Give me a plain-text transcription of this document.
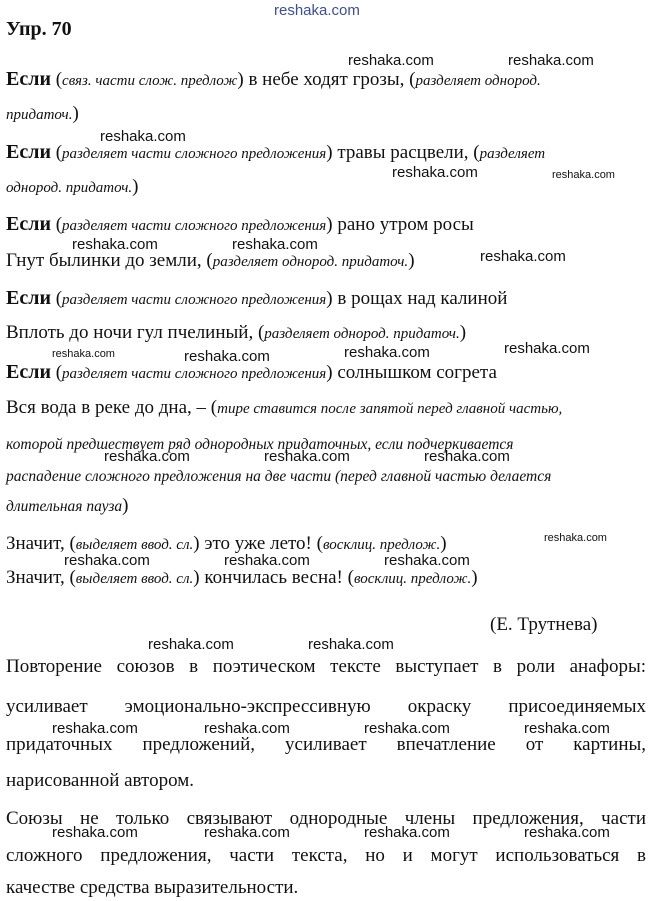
reshaka.com
Упр. 70
reshaka.com	reshaka.com
reshaka.com
reshaka.com	reshaka.com
reshaka.com	reshaka.com
reshaka.com
reshaka.com	reshaka.com	reshaka.com	reshaka.com
reshaka.com	reshaka.com	reshaka.com
reshaka.com
reshaka.com	reshaka.com	reshaka.com
reshaka.com	reshaka.com
reshaka.com	reshaka.com	reshaka.com	reshaka.com
reshaka.com	reshaka.com	reshaka.com	reshaka.com
Если (связ. части слож. предлож) в небе ходят грозы, (разделяет однород.
придаточ.)
Если (разделяет части сложного предложения) травы расцвели, (разделяет
однород. придаточ.)
Если (разделяет части сложного предложения) рано утром росы
Гнут былинки до земли, (разделяет однород. придаточ.)
Если (разделяет части сложного предложения) в рощах над калиной
Вплоть до ночи гул пчелиный, (разделяет однород. придаточ.)
Если (разделяет части сложного предложения) солнышком согрета
Вся вода в реке до дна, – (тире ставится после запятой перед главной частью,
которой предшествует ряд однородных придаточных, если подчеркивается
распадение сложного предложения на две части (перед главной частью делается
длительная пауза)
Значит, (выделяет ввод. сл.) это уже лето! (восклиц. предлож.)
Значит, (выделяет ввод. сл.) кончилась весна! (восклиц. предлож.)
(Е. Трутнева)
Повторение союзов в поэтическом тексте выступает в роли анафоры:
усиливает эмоционально-экспрессивную окраску присоединяемых
придаточных предложений, усиливает впечатление от картины,
нарисованной автором.
Союзы не только связывают однородные члены предложения, части
сложного предложения, части текста, но и могут использоваться в
качестве средства выразительности.
